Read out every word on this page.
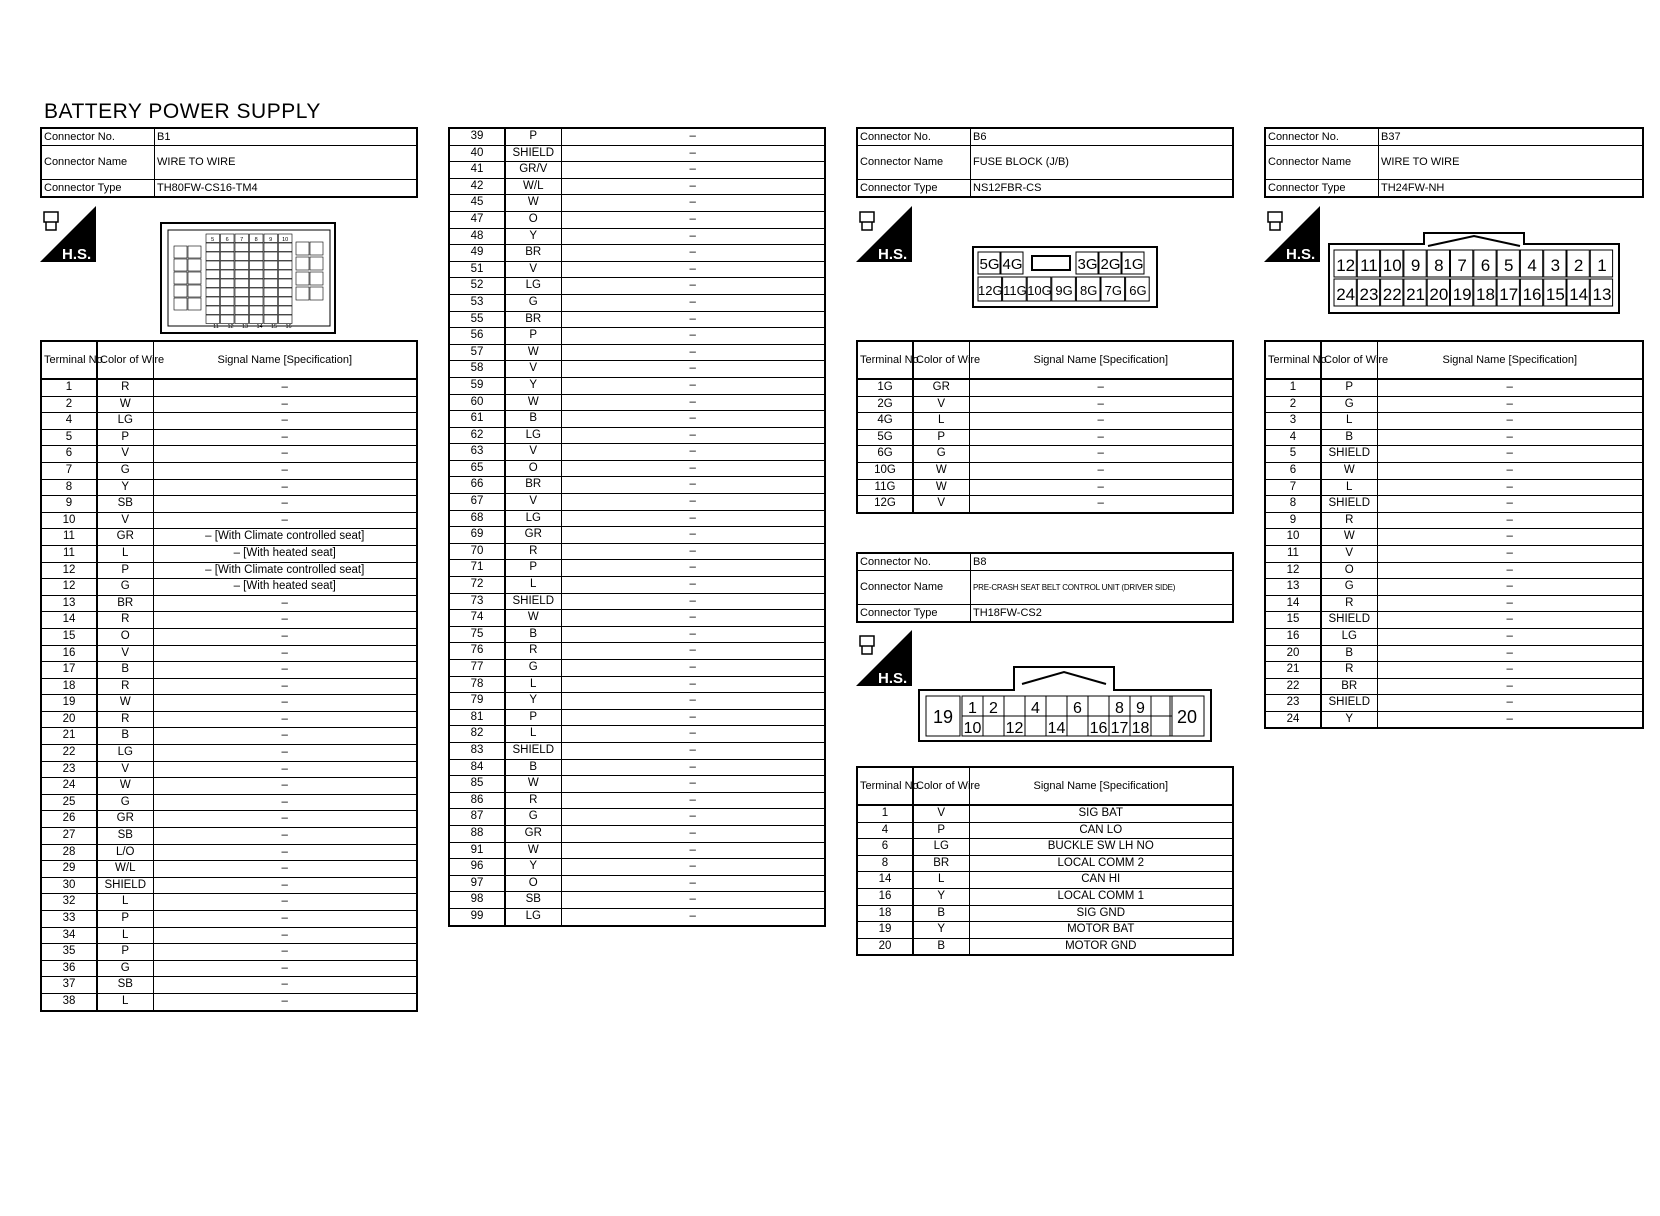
BATTERY POWER SUPPLY
Connector No.	B1
Connector Name	WIRE TO WIRE
Connector Type	TH80FW-CS16-TM4
H.S.	H.S.
H.S.
H.S.
5 6 7 8 9 10
11 12 13 14 15 16
Terminal No.	Color of Wire	Signal Name [Specification]
1	R	–
2	W	–
4	LG	–
5	P	–
6	V	–
7	G	–
8	Y	–
9	SB	–
10	V	–
11	GR	– [With Climate controlled seat]
11	L	– [With heated seat]
12	P	– [With Climate controlled seat]
12	G	– [With heated seat]
13	BR	–
14	R	–
15	O	–
16	V	–
17	B	–
18	R	–
19	W	–
20	R	–
21	B	–
22	LG	–
23	V	–
24	W	–
25	G	–
26	GR	–
27	SB	–
28	L/O	–
29	W/L	–
30	SHIELD	–
32	L	–
33	P	–
34	L	–
35	P	–
36	G	–
37	SB	–
38	L	–
39	P	–
40	SHIELD	–
41	GR/V	–
42	W/L	–
45	W	–
47	O	–
48	Y	–
49	BR	–
51	V	–
52	LG	–
53	G	–
55	BR	–
56	P	–
57	W	–
58	V	–
59	Y	–
60	W	–
61	B	–
62	LG	–
63	V	–
65	O	–
66	BR	–
67	V	–
68	LG	–
69	GR	–
70	R	–
71	P	–
72	L	–
73	SHIELD	–
74	W	–
75	B	–
76	R	–
77	G	–
78	L	–
79	Y	–
81	P	–
82	L	–
83	SHIELD	–
84	B	–
85	W	–
86	R	–
87	G	–
88	GR	–
91	W	–
96	Y	–
97	O	–
98	SB	–
99	LG	–
Connector No.	B6
Connector Name	FUSE BLOCK (J/B)
Connector Type	NS12FBR-CS
5G 4G	3G 2G 1G
12G 11G 10G 9G 8G 7G 6G
Terminal No.	Color of Wire	Signal Name [Specification]
1G	GR	–
2G	V	–
4G	L	–
5G	P	–
6G	G	–
10G	W	–
11G	W	–
12G	V	–
Connector No.	B8
Connector Name	PRE-CRASH SEAT BELT CONTROL UNIT (DRIVER SIDE)
Connector Type	TH18FW-CS2
19	20
1 2 4 6 8 9
10 12 14 16 17 18
Terminal No.	Color of Wire	Signal Name [Specification]
1	V	SIG BAT
4	P	CAN LO
6	LG	BUCKLE SW LH NO
8	BR	LOCAL COMM 2
14	L	CAN HI
16	Y	LOCAL COMM 1
18	B	SIG GND
19	Y	MOTOR BAT
20	B	MOTOR GND
Connector No.	B37
Connector Name	WIRE TO WIRE
Connector Type	TH24FW-NH
12 11 10 9 8 7 6 5 4 3 2 1
24 23 22 21 20 19 18 17 16 15 14 13
Terminal No.	Color of Wire	Signal Name [Specification]
1	P	–
2	G	–
3	L	–
4	B	–
5	SHIELD	–
6	W	–
7	L	–
8	SHIELD	–
9	R	–
10	W	–
11	V	–
12	O	–
13	G	–
14	R	–
15	SHIELD	–
16	LG	–
20	B	–
21	R	–
22	BR	–
23	SHIELD	–
24	Y	–
